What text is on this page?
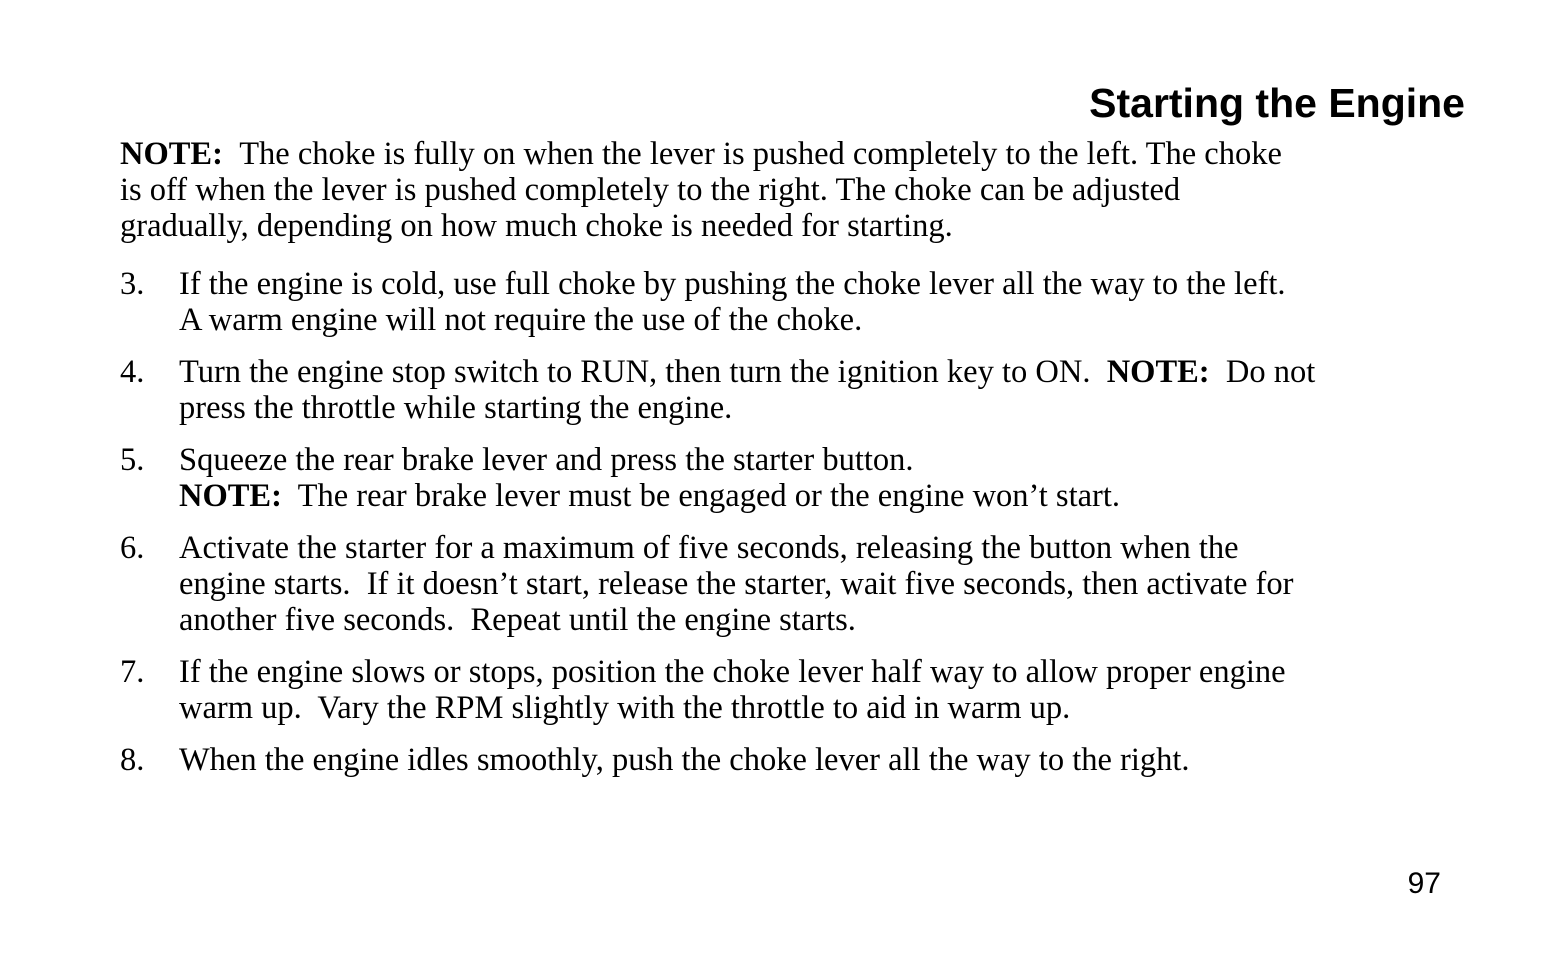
Starting the Engine

NOTE: The choke is fully on when the lever is pushed completely to the left. The choke
is off when the lever is pushed completely to the right. The choke can be adjusted
gradually, depending on how much choke is needed for starting.

3.	If the engine is cold, use full choke by pushing the choke lever all the way to the left.
A warm engine will not require the use of the choke.
4.	Turn the engine stop switch to RUN, then turn the ignition key to ON.  NOTE:  Do not
press the throttle while starting the engine.
5.	Squeeze the rear brake lever and press the starter button.
NOTE:  The rear brake lever must be engaged or the engine won’t start.
6.	Activate the starter for a maximum of five seconds, releasing the button when the
engine starts.  If it doesn’t start, release the starter, wait five seconds, then activate for
another five seconds.  Repeat until the engine starts.
7.	If the engine slows or stops, position the choke lever half way to allow proper engine
warm up.  Vary the RPM slightly with the throttle to aid in warm up.
8.	When the engine idles smoothly, push the choke lever all the way to the right.

97
